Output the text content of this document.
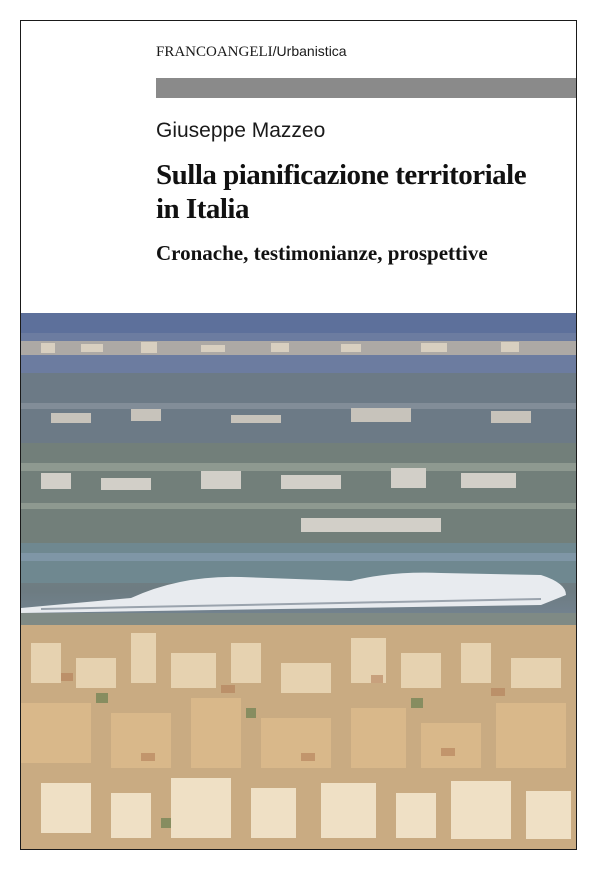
FRANCOANGELI/Urbanistica
Giuseppe Mazzeo
Sulla pianificazione territoriale
in Italia
Cronache, testimonianze, prospettive
